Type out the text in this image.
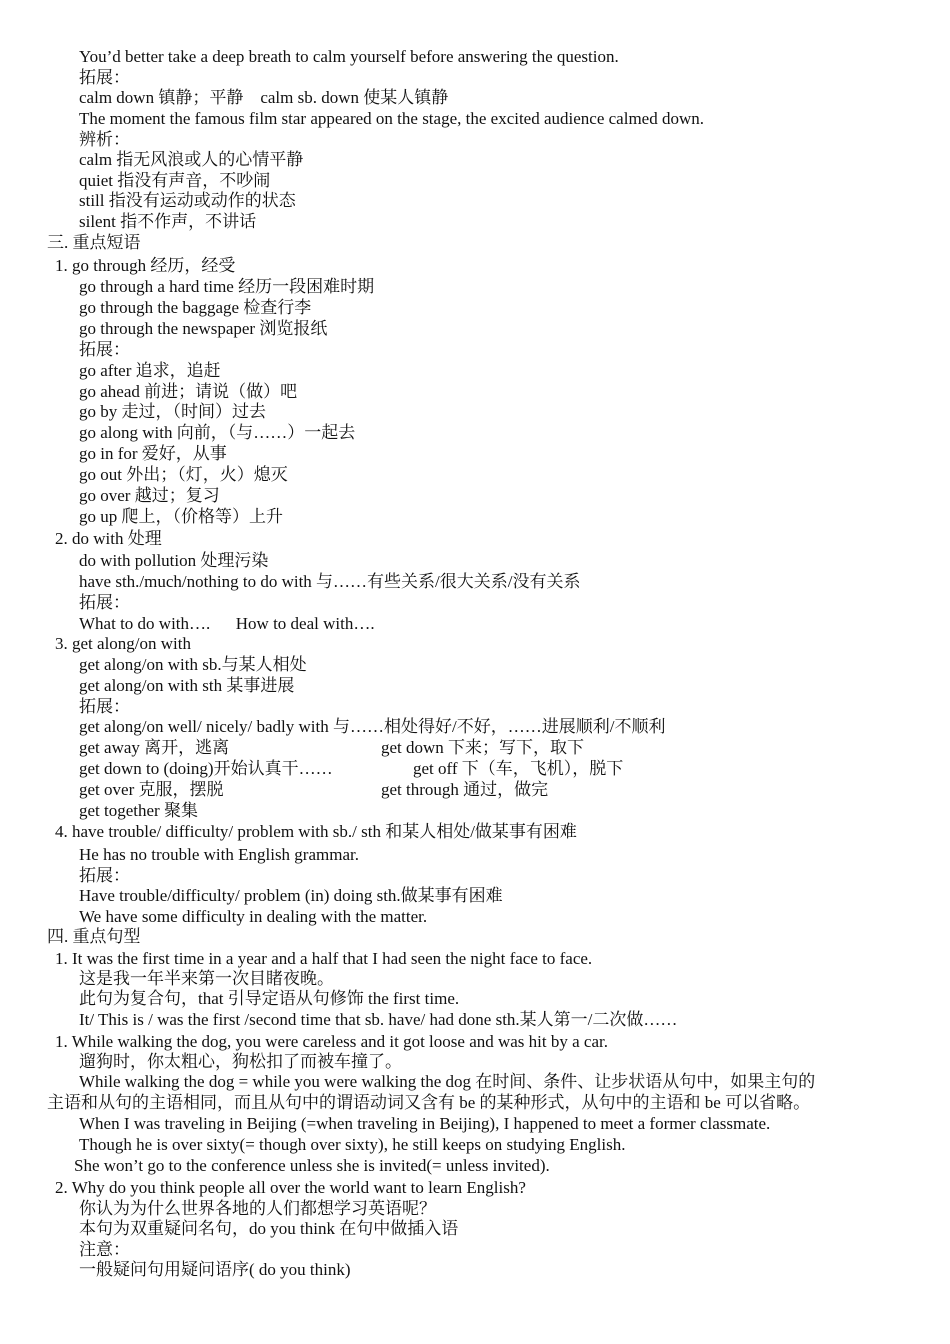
You’d better take a deep breath to calm yourself before answering the question.
拓展：
calm down 镇静；平静    calm sb. down 使某人镇静
The moment the famous film star appeared on the stage, the excited audience calmed down.
辨析：
calm 指无风浪或人的心情平静
quiet 指没有声音，不吵闹
still 指没有运动或动作的状态
silent 指不作声，不讲话
三. 重点短语
1. go through 经历，经受
go through a hard time 经历一段困难时期
go through the baggage 检查行李
go through the newspaper 浏览报纸
拓展：
go after 追求，追赶
go ahead 前进；请说（做）吧
go by 走过，（时间）过去
go along with 向前，（与……）一起去
go in for 爱好，从事
go out 外出；（灯，火）熄灭
go over 越过；复习
go up 爬上，（价格等）上升
2. do with 处理
do with pollution 处理污染
have sth./much/nothing to do with 与……有些关系/很大关系/没有关系
拓展：
What to do with….      How to deal with….
3. get along/on with
get along/on with sb.与某人相处
get along/on with sth 某事进展
拓展：
get along/on well/ nicely/ badly with 与……相处得好/不好，……进展顺利/不顺利
get away 离开，逃离
get down to (doing)开始认真干……
get over 克服，摆脱
get together 聚集
4. have trouble/ difficulty/ problem with sb./ sth 和某人相处/做某事有困难
He has no trouble with English grammar.
拓展：
Have trouble/difficulty/ problem (in) doing sth.做某事有困难
We have some difficulty in dealing with the matter.
四. 重点句型
1. It was the first time in a year and a half that I had seen the night face to face.
这是我一年半来第一次目睹夜晚。
此句为复合句，that 引导定语从句修饰 the first time.
It/ This is / was the first /second time that sb. have/ had done sth.某人第一/二次做……
1. While walking the dog, you were careless and it got loose and was hit by a car.
遛狗时，你太粗心，狗松扣了而被车撞了。
While walking the dog = while you were walking the dog 在时间、条件、让步状语从句中，如果主句的
主语和从句的主语相同，而且从句中的谓语动词又含有 be 的某种形式，从句中的主语和 be 可以省略。
When I was traveling in Beijing (=when traveling in Beijing), I happened to meet a former classmate.
Though he is over sixty(= though over sixty), he still keeps on studying English.
She won’t go to the conference unless she is invited(= unless invited).
2. Why do you think people all over the world want to learn English?
你认为为什么世界各地的人们都想学习英语呢？
本句为双重疑问名句，do you think 在句中做插入语
注意：
一般疑问句用疑问语序( do you think)
get down 下来；写下，取下
get off 下（车，飞机），脱下
get through 通过，做完
